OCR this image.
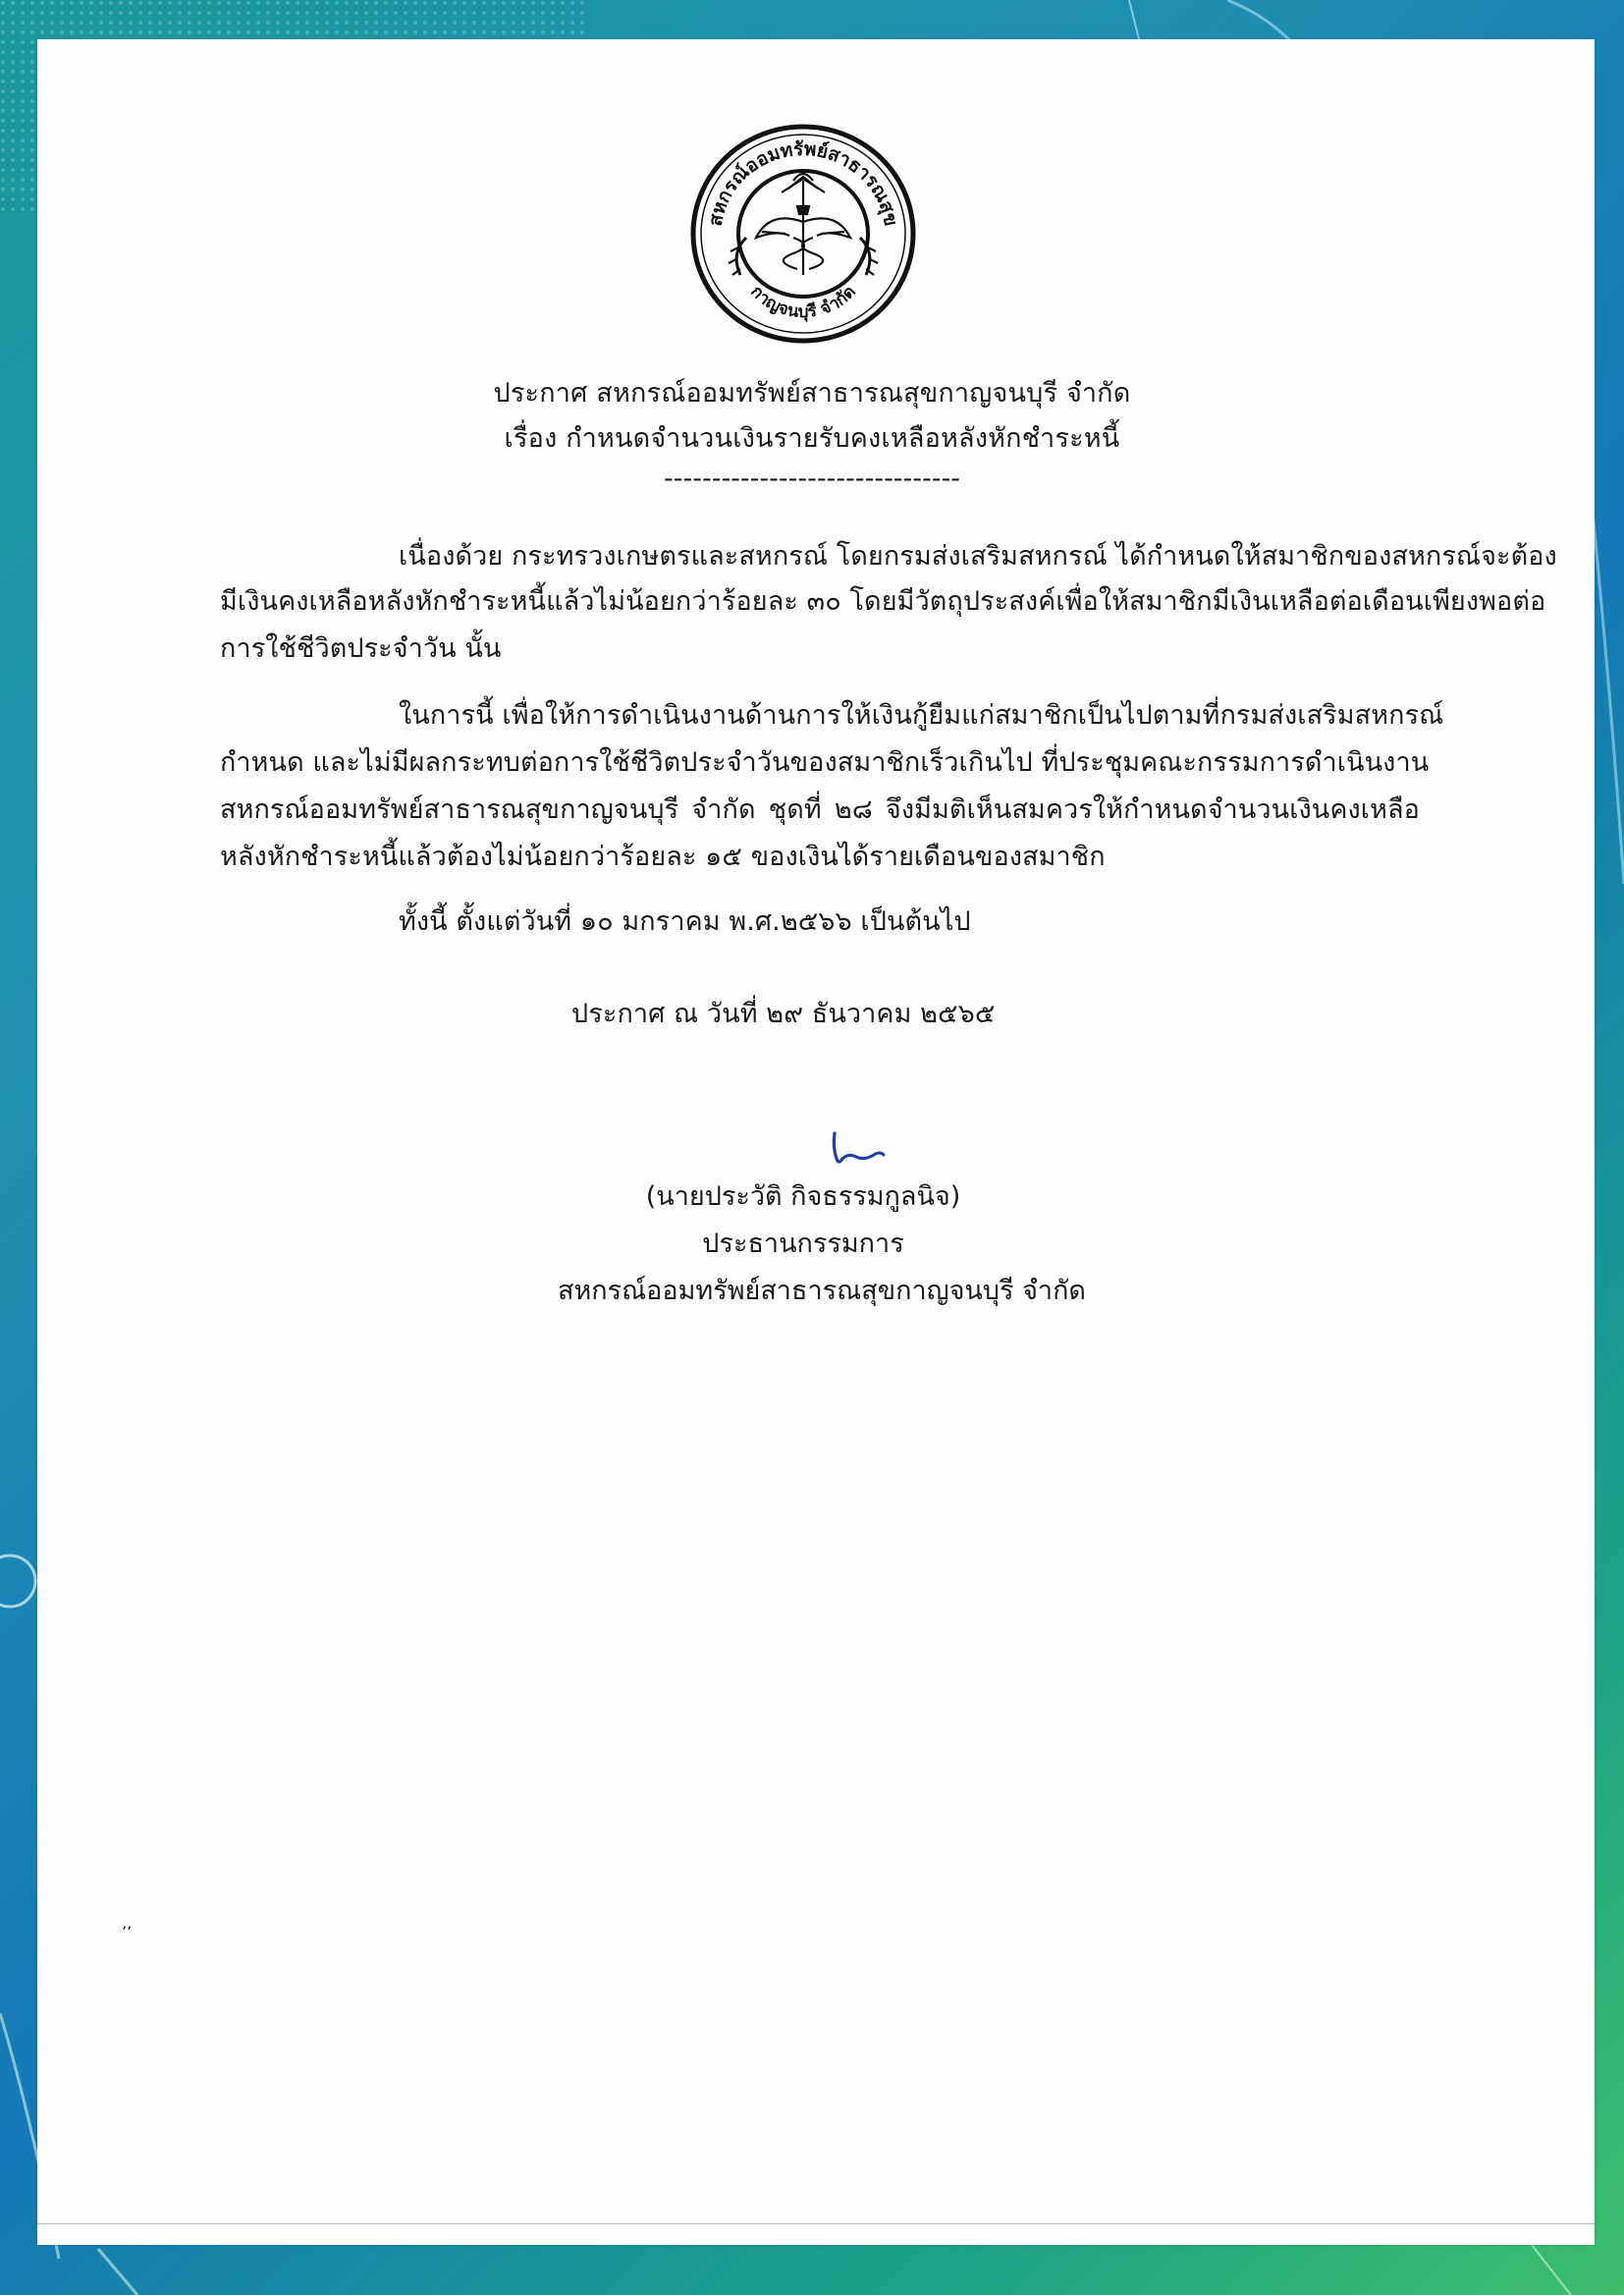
สหกรณ์ออมทรัพย์สาธารณสุข
กาญจนบุรี จำกัด
ประกาศ สหกรณ์ออมทรัพย์สาธารณสุขกาญจนบุรี จำกัด
เรื่อง กำหนดจำนวนเงินรายรับคงเหลือหลังหักชำระหนี้
-------------------------------
เนื่องด้วย กระทรวงเกษตรและสหกรณ์ โดยกรมส่งเสริมสหกรณ์ ได้กำหนดให้สมาชิกของสหกรณ์จะต้อง
มีเงินคงเหลือหลังหักชำระหนี้แล้วไม่น้อยกว่าร้อยละ ๓๐ โดยมีวัตถุประสงค์เพื่อให้สมาชิกมีเงินเหลือต่อเดือนเพียงพอต่อ
การใช้ชีวิตประจำวัน นั้น
ในการนี้ เพื่อให้การดำเนินงานด้านการให้เงินกู้ยืมแก่สมาชิกเป็นไปตามที่กรมส่งเสริมสหกรณ์
กำหนด และไม่มีผลกระทบต่อการใช้ชีวิตประจำวันของสมาชิกเร็วเกินไป ที่ประชุมคณะกรรมการดำเนินงาน
สหกรณ์ออมทรัพย์สาธารณสุขกาญจนบุรี จำกัด ชุดที่ ๒๘ จึงมีมติเห็นสมควรให้กำหนดจำนวนเงินคงเหลือ
หลังหักชำระหนี้แล้วต้องไม่น้อยกว่าร้อยละ ๑๕ ของเงินได้รายเดือนของสมาชิก
ทั้งนี้ ตั้งแต่วันที่ ๑๐ มกราคม พ.ศ.๒๕๖๖ เป็นต้นไป
ประกาศ ณ วันที่ ๒๙ ธันวาคม ๒๕๖๕
(นายประวัติ กิจธรรมกูลนิจ)
ประธานกรรมการ
สหกรณ์ออมทรัพย์สาธารณสุขกาญจนบุรี จำกัด
’’
